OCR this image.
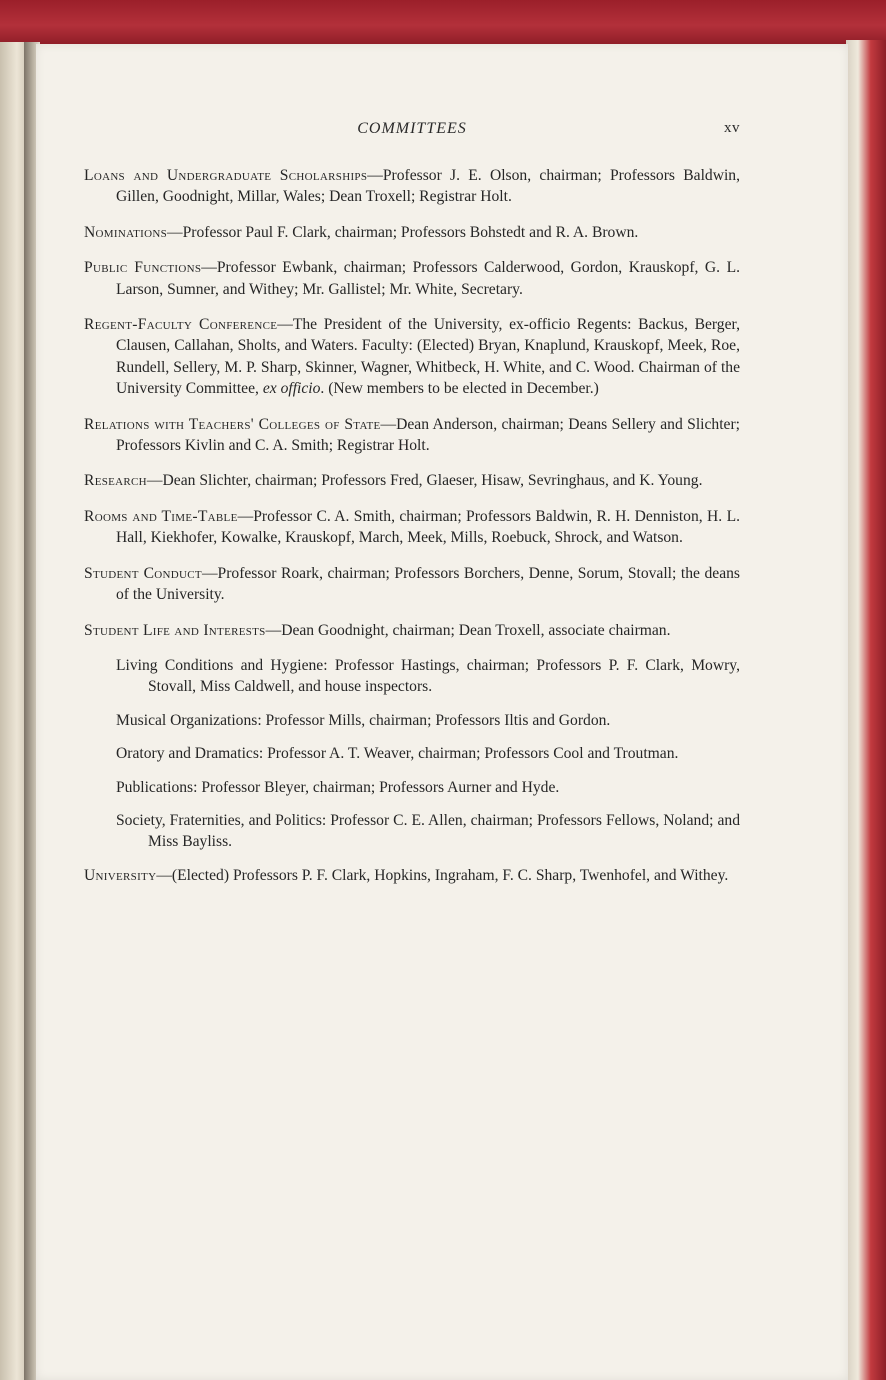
COMMITTEES	xv

Loans and Undergraduate Scholarships—Professor J. E. Olson, chairman; Professors Baldwin, Gillen, Goodnight, Millar, Wales; Dean Troxell; Registrar Holt.

Nominations—Professor Paul F. Clark, chairman; Professors Bohstedt and R. A. Brown.

Public Functions—Professor Ewbank, chairman; Professors Calderwood, Gordon, Krauskopf, G. L. Larson, Sumner, and Withey; Mr. Gallistel; Mr. White, Secretary.

Regent-Faculty Conference—The President of the University, ex-officio Regents: Backus, Berger, Clausen, Callahan, Sholts, and Waters. Faculty: (Elected) Bryan, Knaplund, Krauskopf, Meek, Roe, Rundell, Sellery, M. P. Sharp, Skinner, Wagner, Whitbeck, H. White, and C. Wood. Chairman of the University Committee, ex officio. (New members to be elected in December.)

Relations with Teachers' Colleges of State—Dean Anderson, chairman; Deans Sellery and Slichter; Professors Kivlin and C. A. Smith; Registrar Holt.

Research—Dean Slichter, chairman; Professors Fred, Glaeser, Hisaw, Sevringhaus, and K. Young.

Rooms and Time-Table—Professor C. A. Smith, chairman; Professors Baldwin, R. H. Denniston, H. L. Hall, Kiekhofer, Kowalke, Krauskopf, March, Meek, Mills, Roebuck, Shrock, and Watson.

Student Conduct—Professor Roark, chairman; Professors Borchers, Denne, Sorum, Stovall; the deans of the University.

Student Life and Interests—Dean Goodnight, chairman; Dean Troxell, associate chairman.

Living Conditions and Hygiene: Professor Hastings, chairman; Professors P. F. Clark, Mowry, Stovall, Miss Caldwell, and house inspectors.

Musical Organizations: Professor Mills, chairman; Professors Iltis and Gordon.

Oratory and Dramatics: Professor A. T. Weaver, chairman; Professors Cool and Troutman.

Publications: Professor Bleyer, chairman; Professors Aurner and Hyde.

Society, Fraternities, and Politics: Professor C. E. Allen, chairman; Professors Fellows, Noland; and Miss Bayliss.

University—(Elected) Professors P. F. Clark, Hopkins, Ingraham, F. C. Sharp, Twenhofel, and Withey.
